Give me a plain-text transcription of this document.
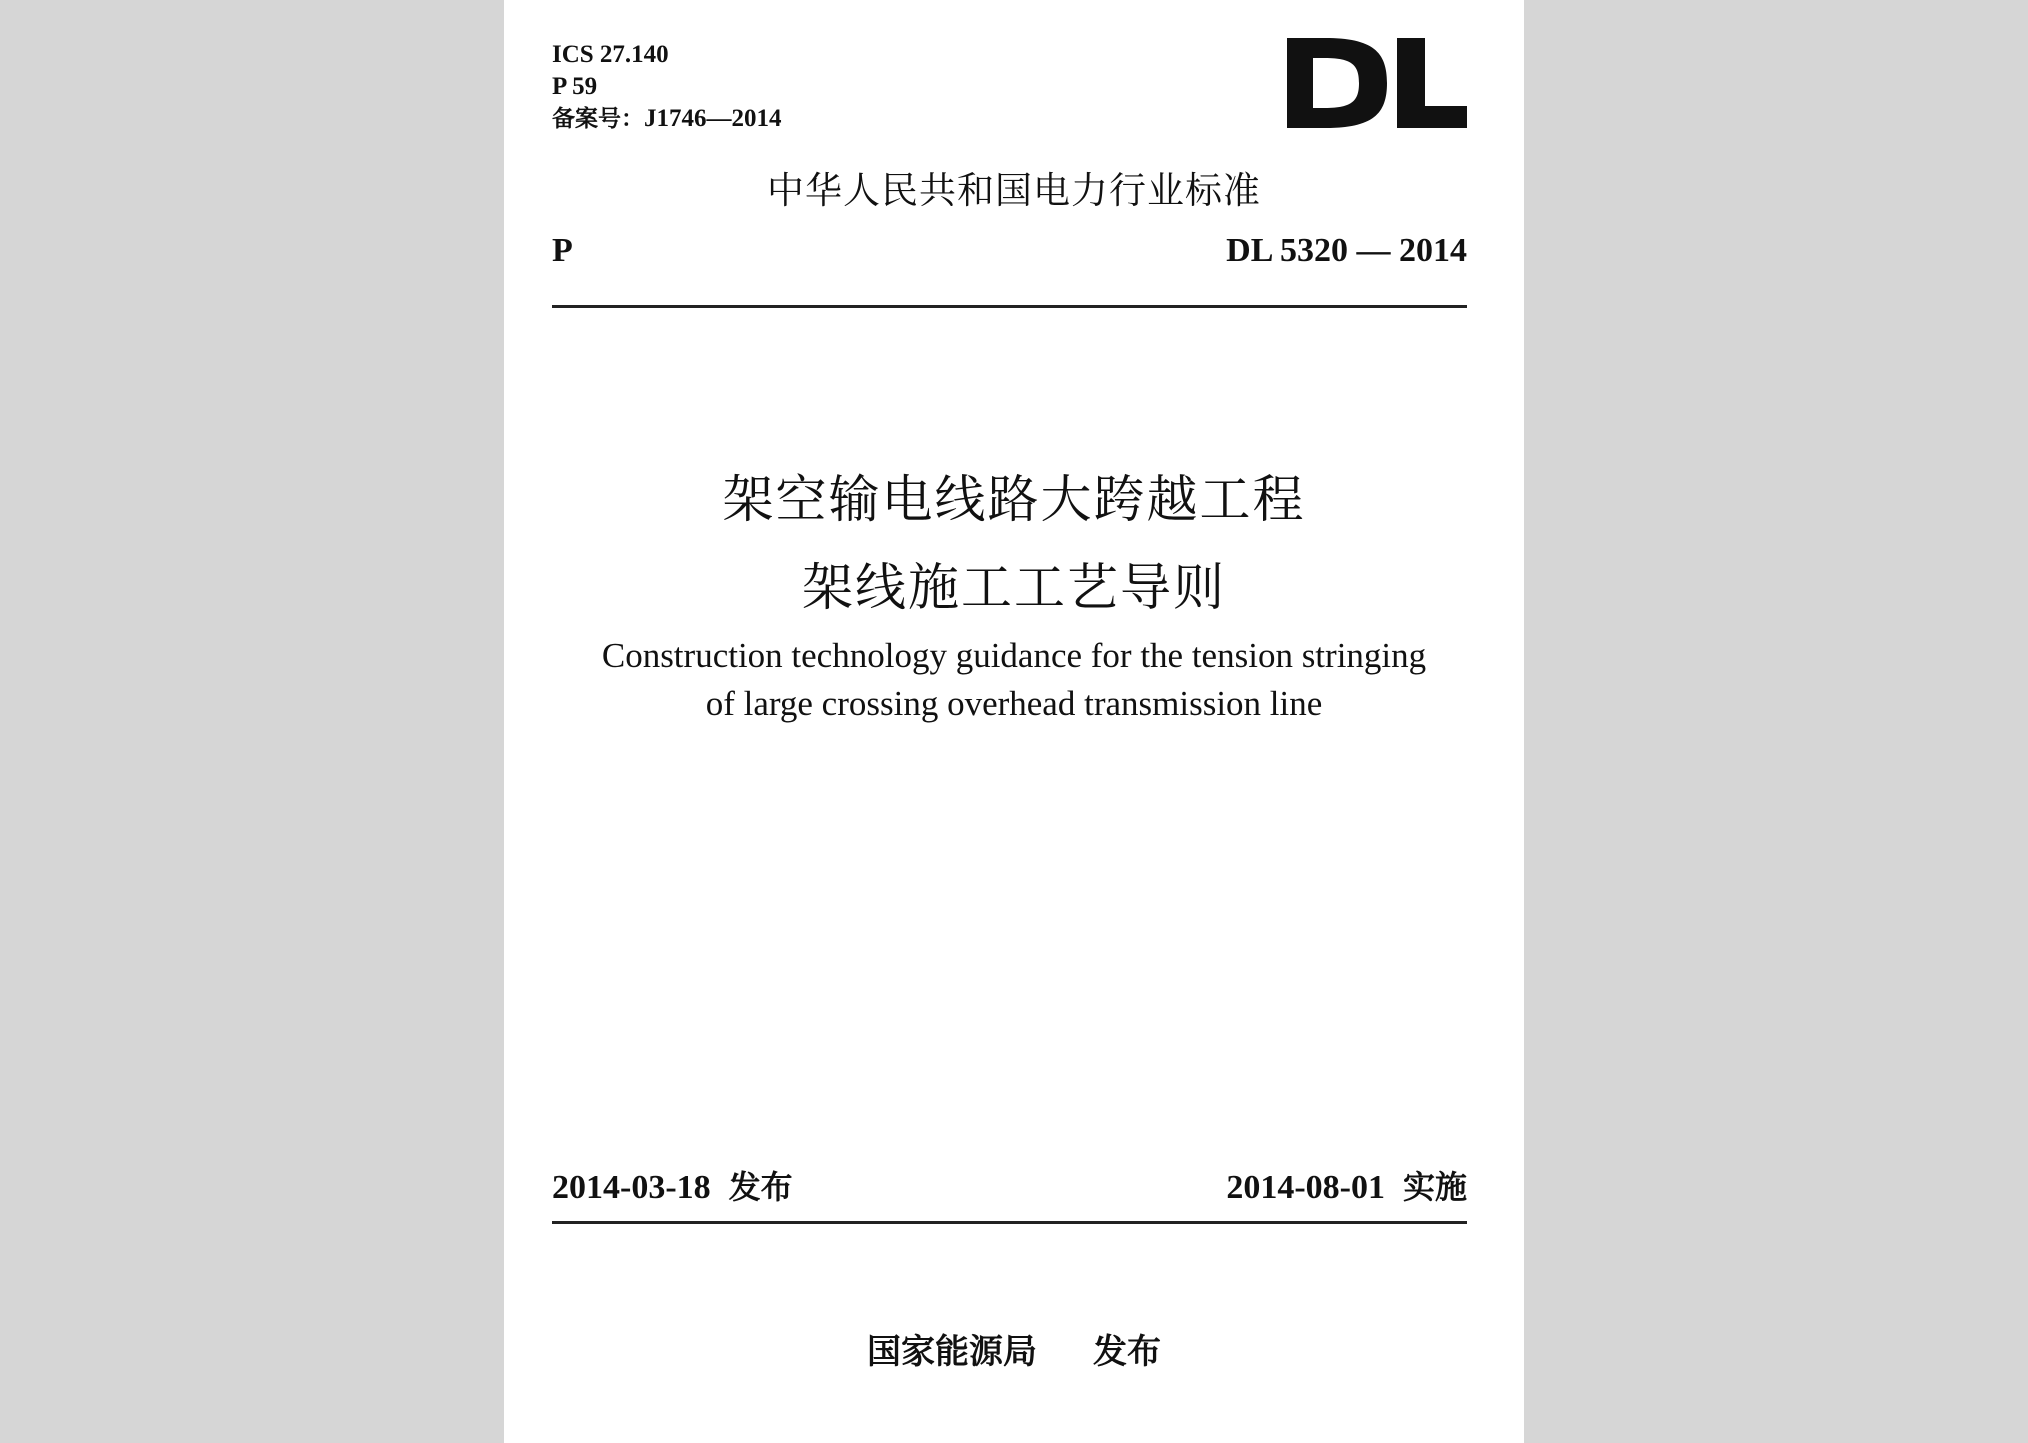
ICS 27.140
P 59
备案号：J1746—2014
中华人民共和国电力行业标准
P	DL 5320 — 2014
架空输电线路大跨越工程
架线施工工艺导则
Construction technology guidance for the tension stringing
of large crossing overhead transmission line
2014-03-18 发布	2014-08-01 实施
国家能源局 发布
